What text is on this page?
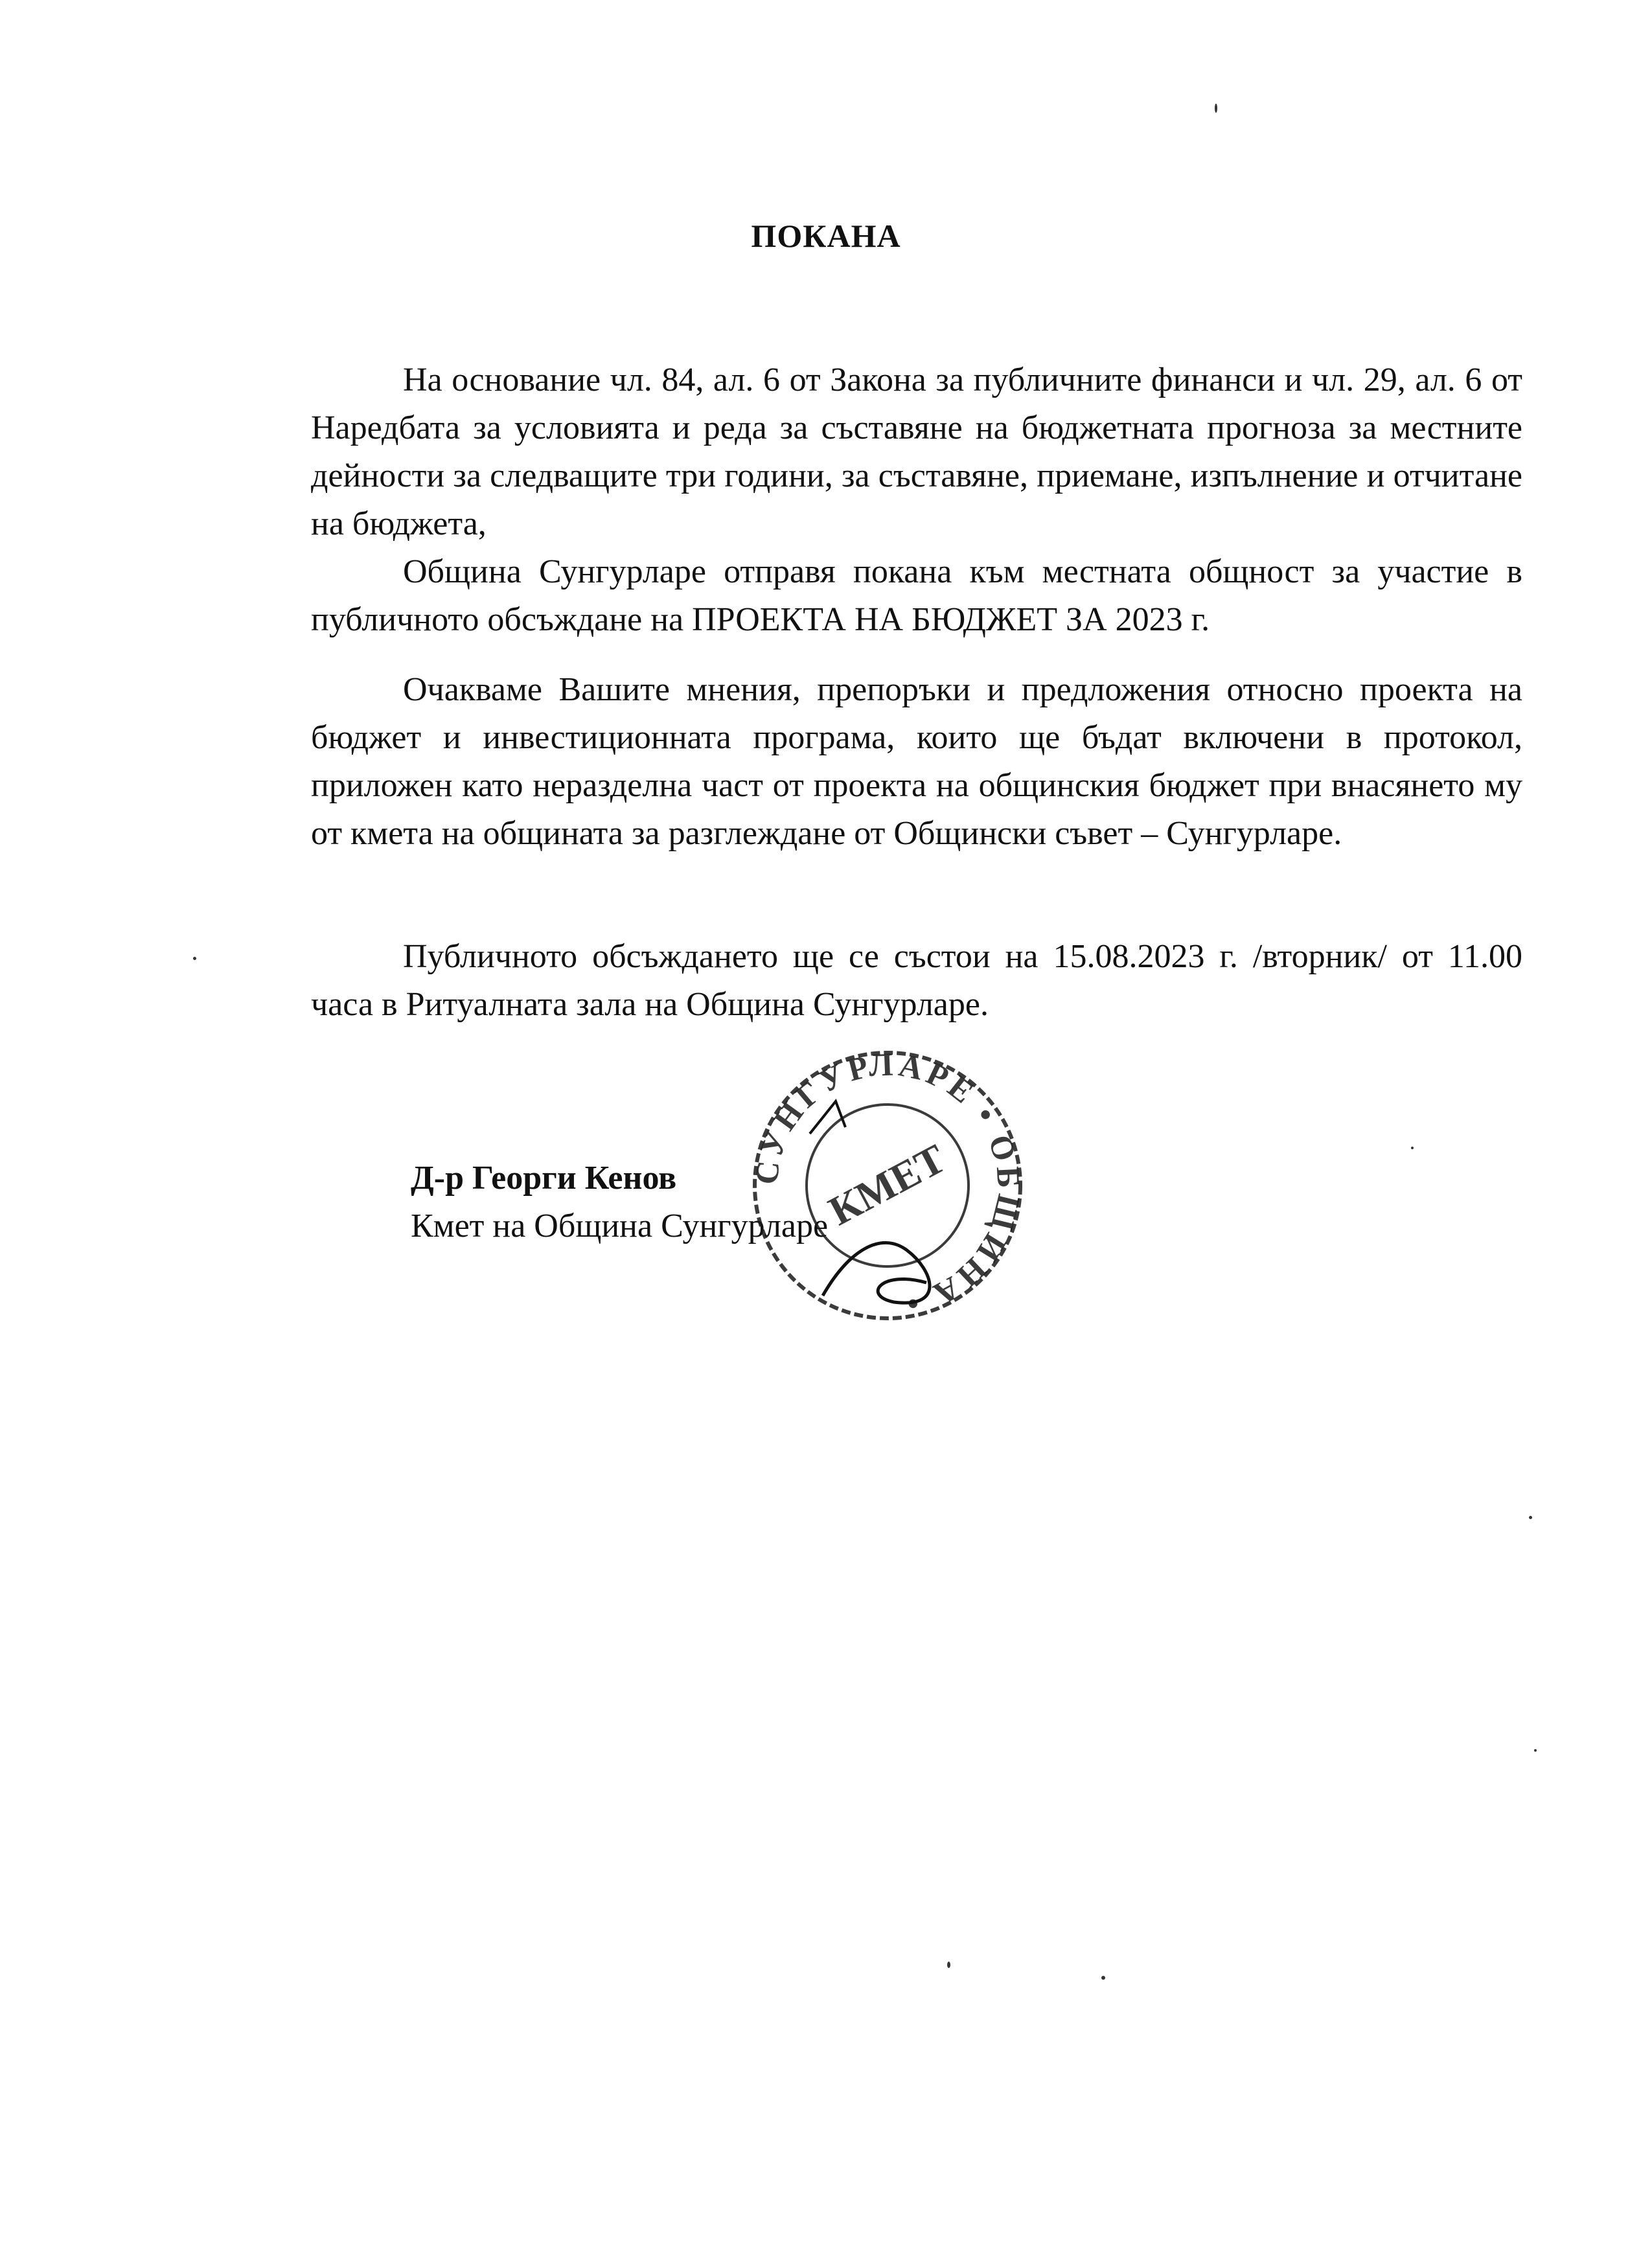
ПОКАНА

На основание чл. 84, ал. 6 от Закона за публичните финанси и чл. 29, ал. 6 от Наредбата за условията и реда за съставяне на бюджетната прогноза за местните дейности за следващите три години, за съставяне, приемане, изпълнение и отчитане на бюджета,

Община Сунгурларе отправя покана към местната общност за участие в публичното обсъждане на ПРОЕКТА НА БЮДЖЕТ ЗА 2023 г.

Очакваме Вашите мнения, препоръки и предложения относно проекта на бюджет и инвестиционната програма, които ще бъдат включени в протокол, приложен като неразделна част от проекта на общинския бюджет при внасянето му от кмета на общината за разглеждане от Общински съвет – Сунгурларе.

Публичното обсъждането ще се състои на 15.08.2023 г. /вторник/ от 11.00 часа в Ритуалната зала на Община Сунгурларе.

Д-р Георги Кенов
Кмет на Община Сунгурларе
СУНГУРЛАРЕ • ОБЩИНА •
КМЕТ
